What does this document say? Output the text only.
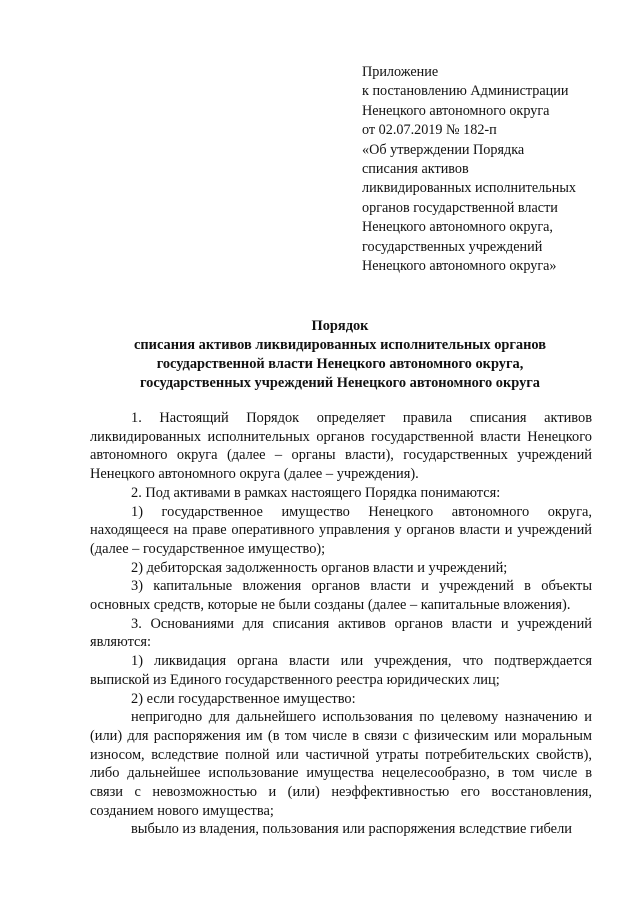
Приложение
к постановлению Администрации
Ненецкого автономного округа
от 02.07.2019 № 182-п
«Об утверждении Порядка
списания активов
ликвидированных исполнительных
органов государственной власти
Ненецкого автономного округа,
государственных учреждений
Ненецкого автономного округа»
Порядок
списания активов ликвидированных исполнительных органов
государственной власти Ненецкого автономного округа,
государственных учреждений Ненецкого автономного округа

1. Настоящий Порядок определяет правила списания активов ликвидированных исполнительных органов государственной власти Ненецкого автономного округа (далее – органы власти), государственных учреждений Ненецкого автономного округа (далее – учреждения).

2. Под активами в рамках настоящего Порядка понимаются:

1) государственное имущество Ненецкого автономного округа, находящееся на праве оперативного управления у органов власти и учреждений (далее – государственное имущество);

2) дебиторская задолженность органов власти и учреждений;

3) капитальные вложения органов власти и учреждений в объекты основных средств, которые не были созданы (далее – капитальные вложения).

3. Основаниями для списания активов органов власти и учреждений являются:

1) ликвидация органа власти или учреждения, что подтверждается выпиской из Единого государственного реестра юридических лиц;

2) если государственное имущество:

непригодно для дальнейшего использования по целевому назначению и (или) для распоряжения им (в том числе в связи с физическим или моральным износом, вследствие полной или частичной утраты потребительских свойств), либо дальнейшее использование имущества нецелесообразно, в том числе в связи с невозможностью и (или) неэффективностью его восстановления, созданием нового имущества;

выбыло из владения, пользования или распоряжения вследствие гибели
